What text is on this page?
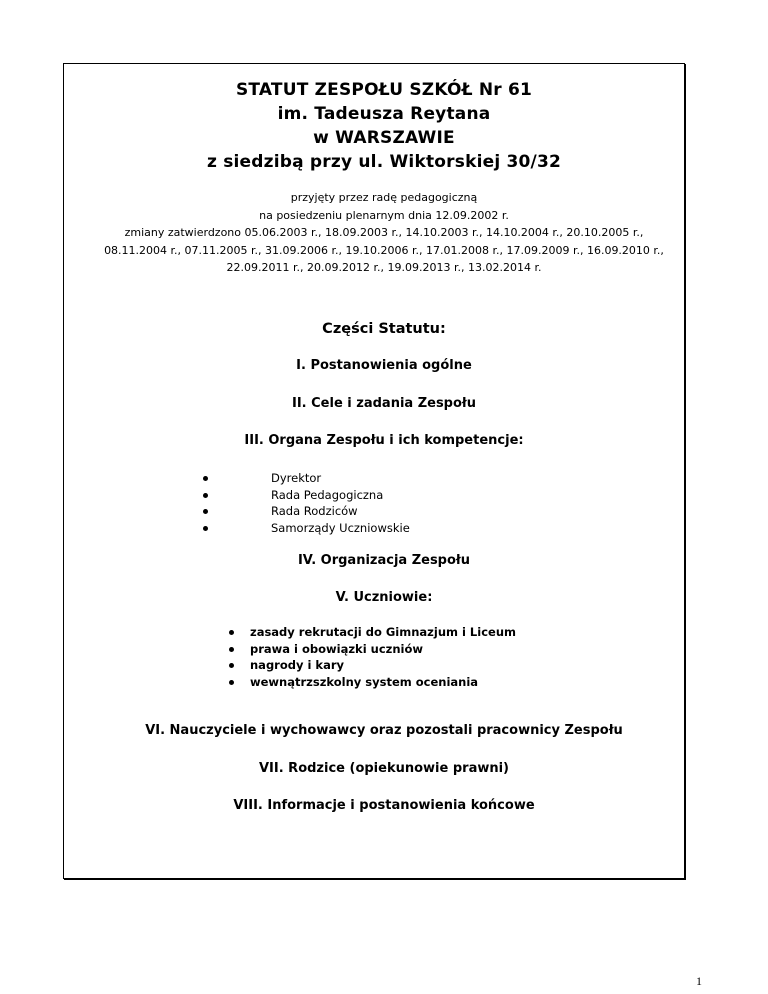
STATUT ZESPOŁU SZKÓŁ Nr 61
im. Tadeusza Reytana
w WARSZAWIE
z siedzibą przy ul. Wiktorskiej 30/32
przyjęty przez radę pedagogiczną
na posiedzeniu plenarnym dnia 12.09.2002 r.
zmiany zatwierdzono 05.06.2003 r., 18.09.2003 r., 14.10.2003 r., 14.10.2004 r., 20.10.2005 r.,
08.11.2004 r., 07.11.2005 r., 31.09.2006 r., 19.10.2006 r., 17.01.2008 r., 17.09.2009 r., 16.09.2010 r.,
22.09.2011 r., 20.09.2012 r., 19.09.2013 r., 13.02.2014 r.
Części Statutu:
I. Postanowienia ogólne
II. Cele i zadania Zespołu
III. Organa Zespołu i ich kompetencje:
Dyrektor
Rada Pedagogiczna
Rada Rodziców
Samorządy Uczniowskie
IV. Organizacja Zespołu
V. Uczniowie:
zasady rekrutacji do Gimnazjum i Liceum
prawa i obowiązki uczniów
nagrody i kary
wewnątrzszkolny system oceniania
VI. Nauczyciele i wychowawcy oraz pozostali pracownicy Zespołu
VII. Rodzice (opiekunowie prawni)
VIII. Informacje i postanowienia końcowe
1
